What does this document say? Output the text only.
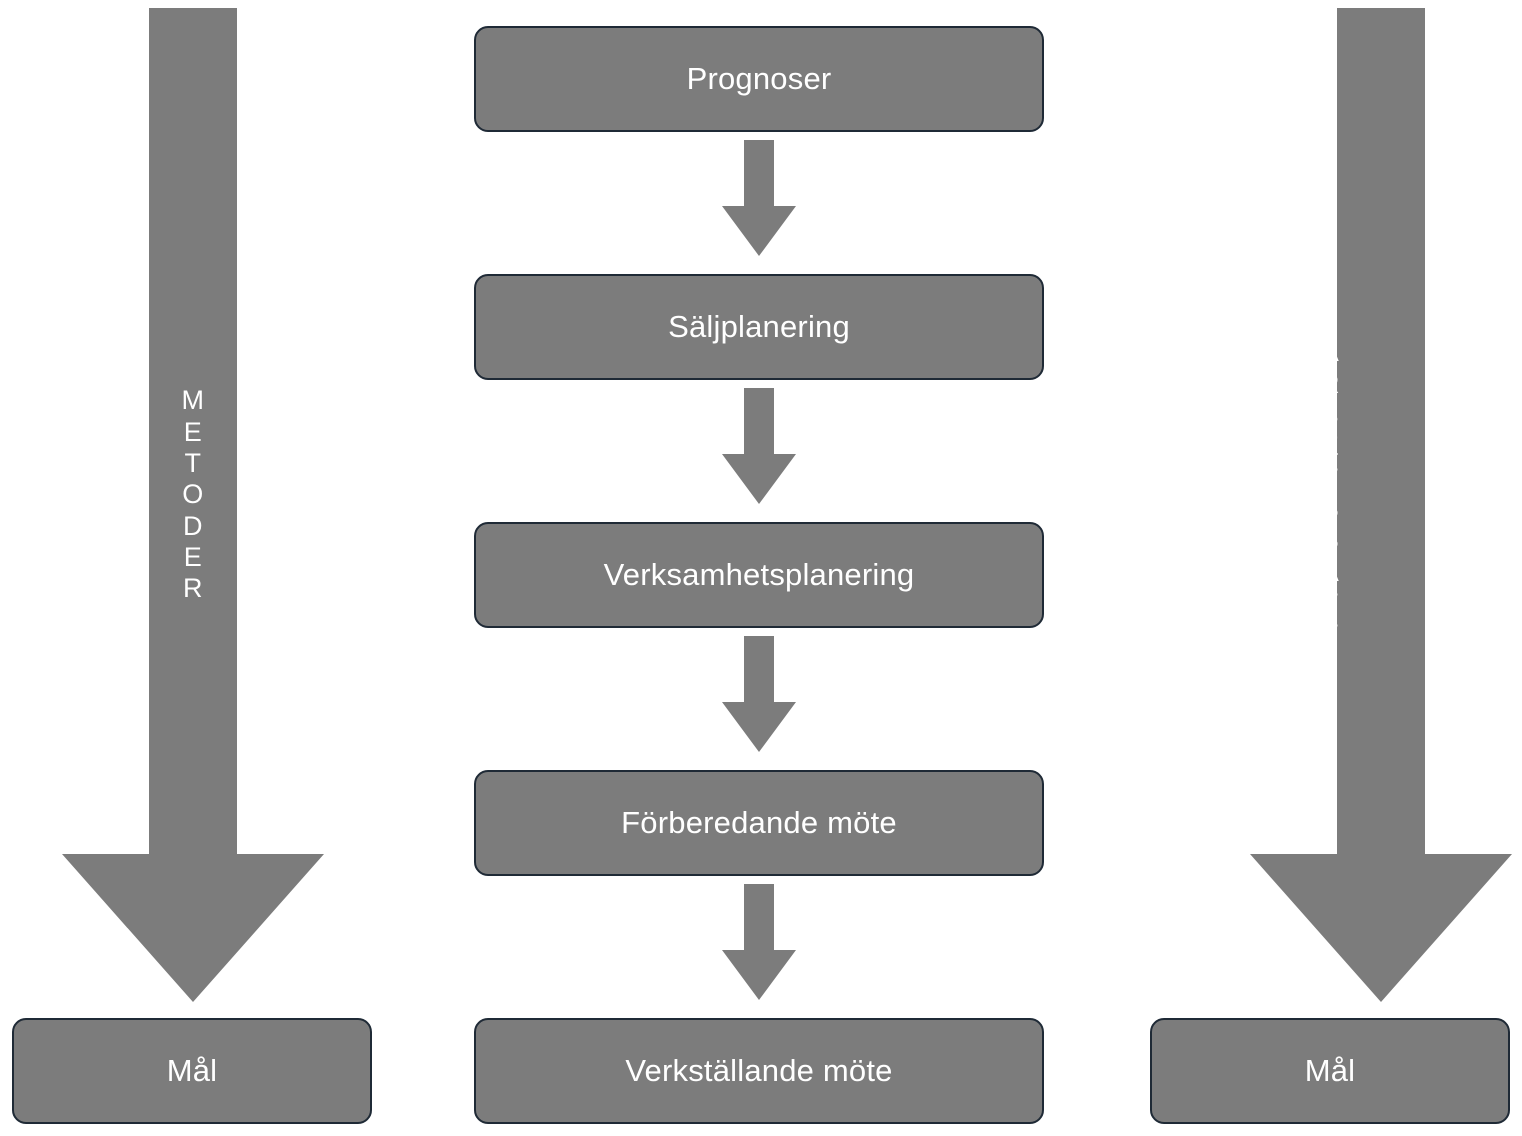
M
E
T
O
D
E
R
A
R
B
E
T
S
S
Ä
T
T
Prognoser
Säljplanering
Verksamhetsplanering
Förberedande möte
Verkställande möte
Mål	Mål
